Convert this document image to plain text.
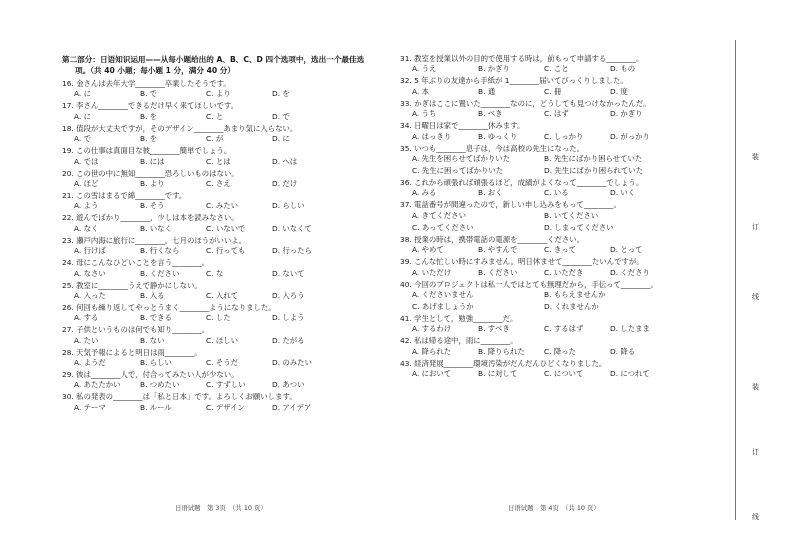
第二部分：日语知识运用——从每小题给出的 A、B、C、D 四个选项中，选出一个最佳选
项。（共 40 小题；每小题 1 分，满分 40 分）
16. 金さんは去年大学________卒業したそうです。
A. に	B. で	C. より	D. を
17. 李さん________できるだけ早く来てほしいです。
A. に	B. を	C. と	D. で
18. 值段が大丈夫ですが，そのデザイン________あまり気に入らない。
A. で	B. を	C. が	D. に
19. この仕事は真面目な彼________簡単でしょう。
A. では	B. には	C. とは	D. へは
20. この世の中に無知________恐ろしいものはない。
A. ほど	B. より	C. さえ	D. だけ
21. この雪はまるで綿________です。
A. よう	B. そう	C. みたい	D. らしい
22. 遊んでばかり________，少しは本を読みなさい。
A. なく	B. いなく	C. いないで	D. いなくて
23. 瀬戸内海に旅行に________，七月のほうがいいよ。
A. 行けば	B. 行くなら	C. 行っても	D. 行ったら
24. 母にこんなひどいことを言う________。
A. なさい	B. ください	C. な	D. ないて
25. 教室に________うえで静かにしない。
A. 入った	B. 入る	C. 入れて	D. 入ろう
26. 何回も繰り返してやっとうまく________ようになりました。
A. する	B. できる	C. した	D. しよう
27. 子供というものは何でも知り________。
A. たい	B. ない	C. ほしい	D. たがる
28. 天気予報によると明日は雨________。
A. ようだ	B. らしい	C. そうだ	D. のみたい
29. 彼は________人で，付合ってみたい人が少ない。
A. あたたかい	B. つめたい	C. すずしい	D. あつい
30. 私の発表の________は「私と日本」です。よろしくお願いします。
A. テーマ	B. ルール	C. デザイン	D. アイデア
31. 教室を授業以外の目的で使用する時は，前もって申請する________。
A. うえ	B. かぎり	C. こと	D. もの
32. 5 年ぶりの友達から手紙が 1________届いてびっくりしました。
A. 本	B. 通	C. 冊	D. 度
33. かぎはここに置いた________なのに，どうしても見つけなかったんだ。
A. うち	B. べき	C. はず	D. かぎり
34. 日曜日は家で________休みます。
A. はっきり	B. ゆっくり	C. しっかり	D. がっかり
35. いつも________息子は，今は高校の先生になった。
A. 先生を困らせてばかりいた	B. 先生にばかり困らせていた
C. 先生に困ってばかりいた	D. 先生にばかり困られていた
36. これから頑張れば頑張るほど，成績がよくなって________でしょう。
A. みる	B. おく	C. いる	D. いく
37. 電話番号が間違ったので，新しい申し込みをもって________。
A. きてください	B. いてください
C. あってください	D. しまってください
38. 授業の時は，携帯電話の電源を________ください。
A. やめて	B. やすんで	C. きって	D. とって
39. こんな忙しい時にすみません。明日休ませて________たいんですが。
A. いただけ	B. ください	C. いただき	D. くださり
40. 今回のプロジェクトは私一人ではとても無理だから，手伝って________。
A. くださいません	B. もらえませんか
C. あげましょうか	D. くれませんか
41. 学生として，勉強________だ。
A. するわけ	B. すべき	C. するはず	D. したまま
42. 私は帰る途中，雨に________。
A. 降られた	B. 降りられた	C. 降った	D. 降る
43. 経済発展________環境汚染がだんだんひどくなりました。
A. において	B. に対して	C. について	D. につれて
日语试题　第 3页　（共 10 页）	日语试题　第 4页　（共 10 页）
装
订
线
装
订
线
